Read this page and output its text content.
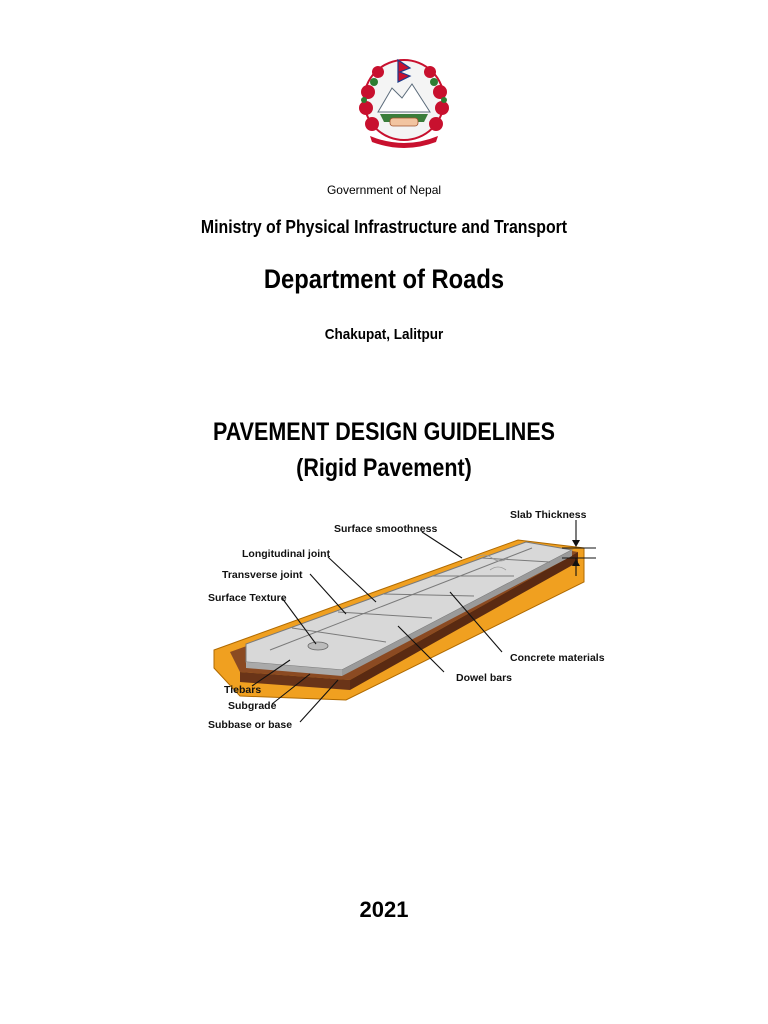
Government of Nepal
Ministry of Physical Infrastructure and Transport
Department of Roads
Chakupat, Lalitpur
PAVEMENT DESIGN GUIDELINES
(Rigid Pavement)
Slab Thickness
Surface smoothness
Longitudinal joint
Transverse joint
Surface Texture
Concrete materials
Dowel bars
Tiebars
Subgrade
Subbase or base
2021
